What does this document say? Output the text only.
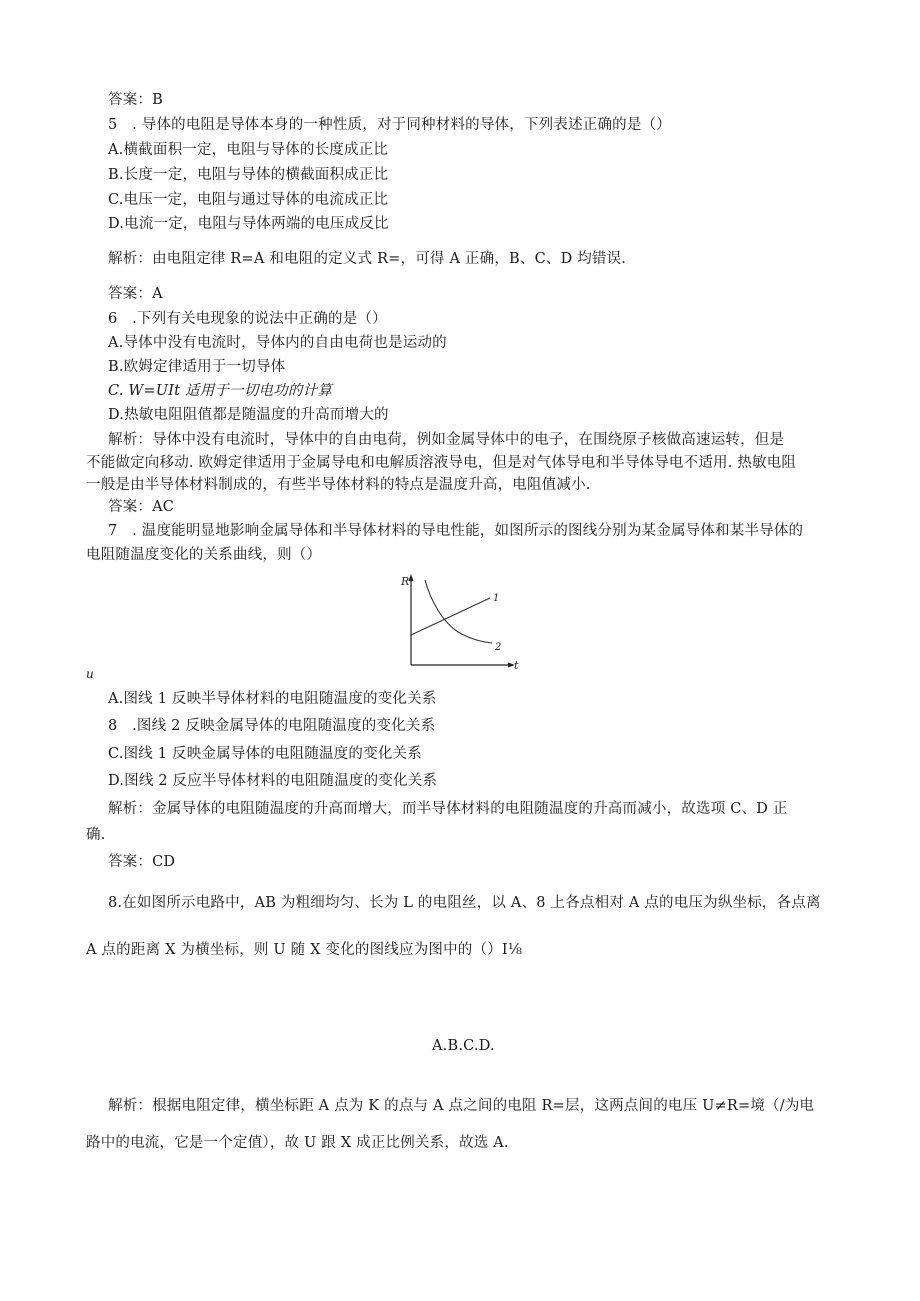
答案：B
5　. 导体的电阻是导体本身的一种性质，对于同种材料的导体，下列表述正确的是（）
A.横截面积一定，电阻与导体的长度成正比
B.长度一定，电阻与导体的横截面积成正比
C.电压一定，电阻与通过导体的电流成正比
D.电流一定，电阻与导体两端的电压成反比
解析：由电阻定律 R=A 和电阻的定义式 R=，可得 A 正确，B、C、D 均错误.
答案：A
6　.下列有关电现象的说法中正确的是（）
A.导体中没有电流时，导体内的自由电荷也是运动的
B.欧姆定律适用于一切导体
C. W=UIt 适用于一切电功的计算
D.热敏电阻阻值都是随温度的升高而增大的
解析：导体中没有电流时，导体中的自由电荷，例如金属导体中的电子，在围绕原子核做高速运转，但是
不能做定向移动. 欧姆定律适用于金属导电和电解质溶液导电，但是对气体导电和半导体导电不适用. 热敏电阻
一般是由半导体材料制成的，有些半导体材料的特点是温度升高，电阻值减小.
答案：AC
7　. 温度能明显地影响金属导体和半导体材料的导电性能，如图所示的图线分别为某金属导体和某半导体的
电阻随温度变化的关系曲线，则（）
R
t
1
2
u
A.图线 1 反映半导体材料的电阻随温度的变化关系
8　.图线 2 反映金属导体的电阻随温度的变化关系
C.图线 1 反映金属导体的电阻随温度的变化关系
D.图线 2 反应半导体材料的电阻随温度的变化关系
解析：金属导体的电阻随温度的升高而增大，而半导体材料的电阻随温度的升高而减小，故选项 C、D 正
确.
答案：CD
8.在如图所示电路中，AB 为粗细均匀、长为 L 的电阻丝，以 A、8 上各点相对 A 点的电压为纵坐标，各点离
A 点的距离 X 为横坐标，则 U 随 X 变化的图线应为图中的（）I⅛
A.B.C.D.
解析：根据电阻定律，横坐标距 A 点为 K 的点与 A 点之间的电阻 R=层，这两点间的电压 U≠R=境（/为电
路中的电流，它是一个定值），故 U 跟 X 成正比例关系，故选 A.
